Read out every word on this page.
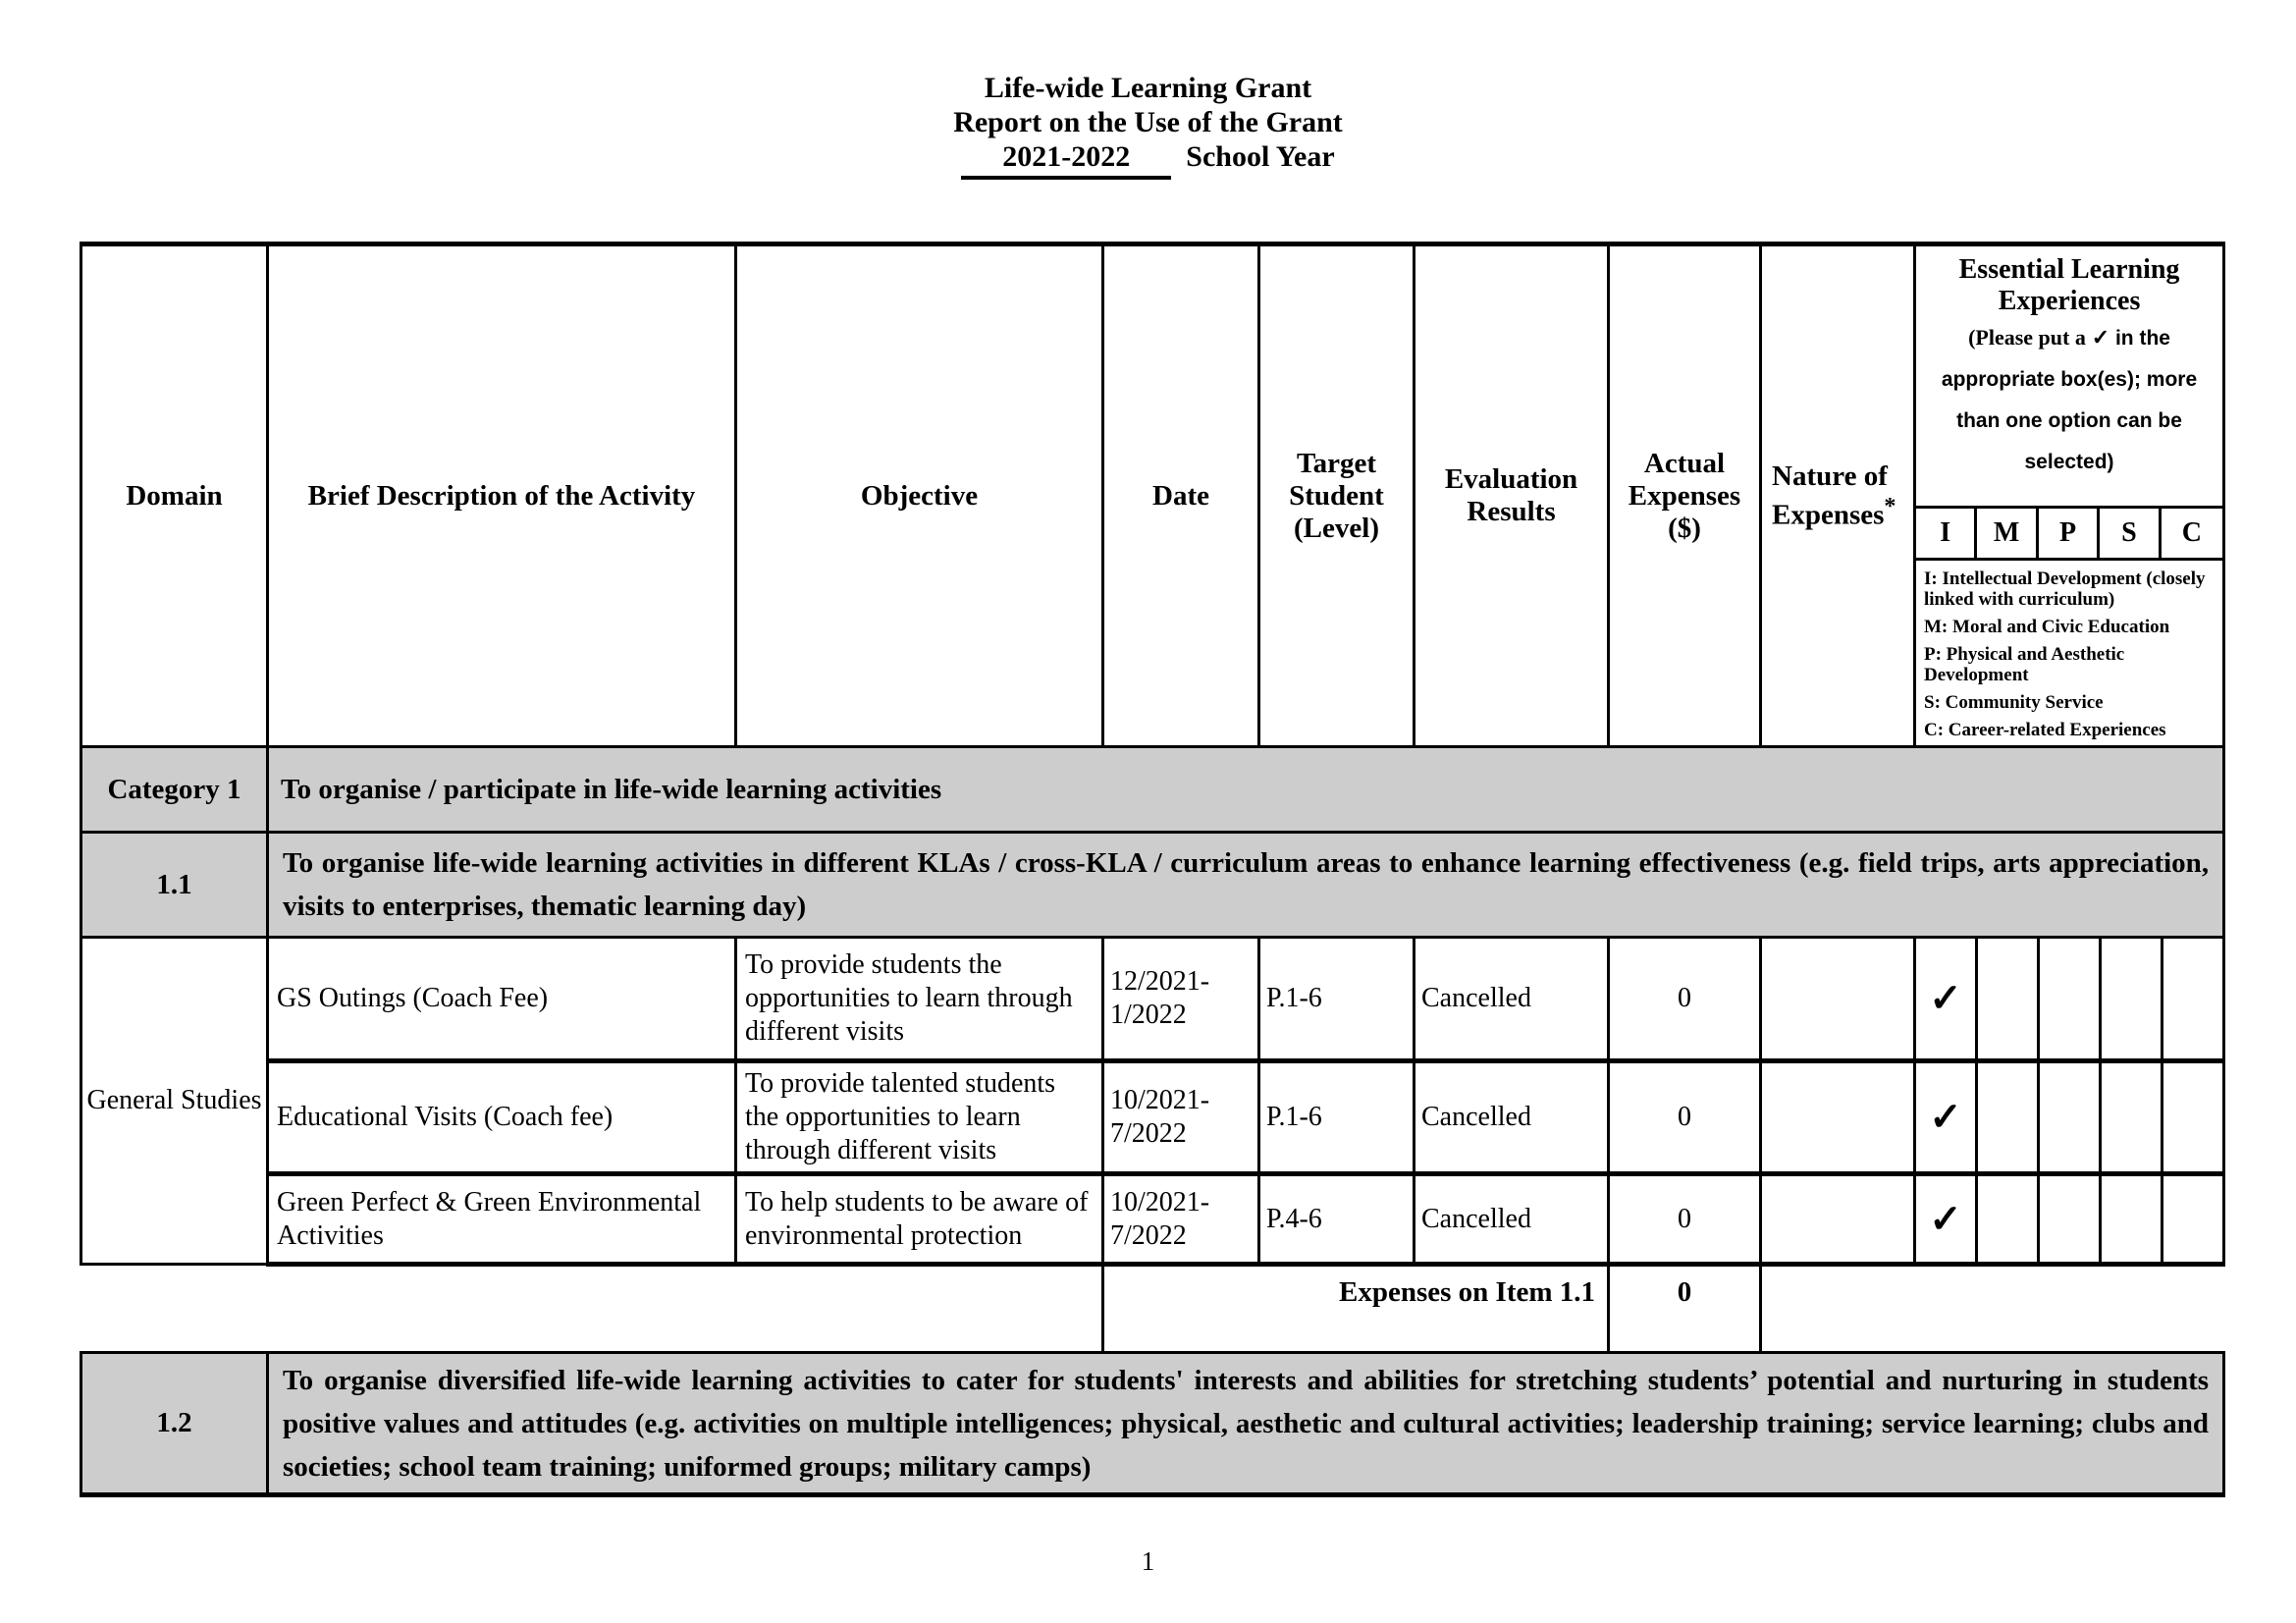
Life-wide Learning Grant
Report on the Use of the Grant
2021-2022 School Year
Domain	Brief Description of the Activity	Objective	Date	Target Student (Level)	Evaluation Results	Actual Expenses ($)	Nature of Expenses*	
Essential Learning Experiences
(Please put a ✓ in the
appropriate box(es); more
than one option can be
selected)
I	M	P	S	C
I: Intellectual Development (closely linked with curriculum)
M: Moral and Civic Education
P: Physical and Aesthetic Development
S: Community Service
C: Career-related Experiences

Category 1	To organise / participate in life-wide learning activities											
1.1	To organise life-wide learning activities in different KLAs / cross-KLA / curriculum areas to enhance learning effectiveness (e.g. field trips, arts appreciation, visits to enterprises, thematic learning day)											
General Studies	GS Outings (Coach Fee)	To provide students the opportunities to learn through different visits	12/2021-1/2022	P.1-6	Cancelled	0		✓				
	Educational Visits (Coach fee)	To provide talented students the opportunities to learn through different visits	10/2021-7/2022	P.1-6	Cancelled	0		✓				
	Green Perfect & Green Environmental Activities	To help students to be aware of environmental protection	10/2021-7/2022	P.4-6	Cancelled	0		✓				
			Expenses on Item 1.1			0						
1.2	To organise diversified life-wide learning activities to cater for students' interests and abilities for stretching students’ potential and nurturing in students positive values and attitudes (e.g. activities on multiple intelligences; physical, aesthetic and cultural activities; leadership training; service learning; clubs and societies; school team training; uniformed groups; military camps)											
1
